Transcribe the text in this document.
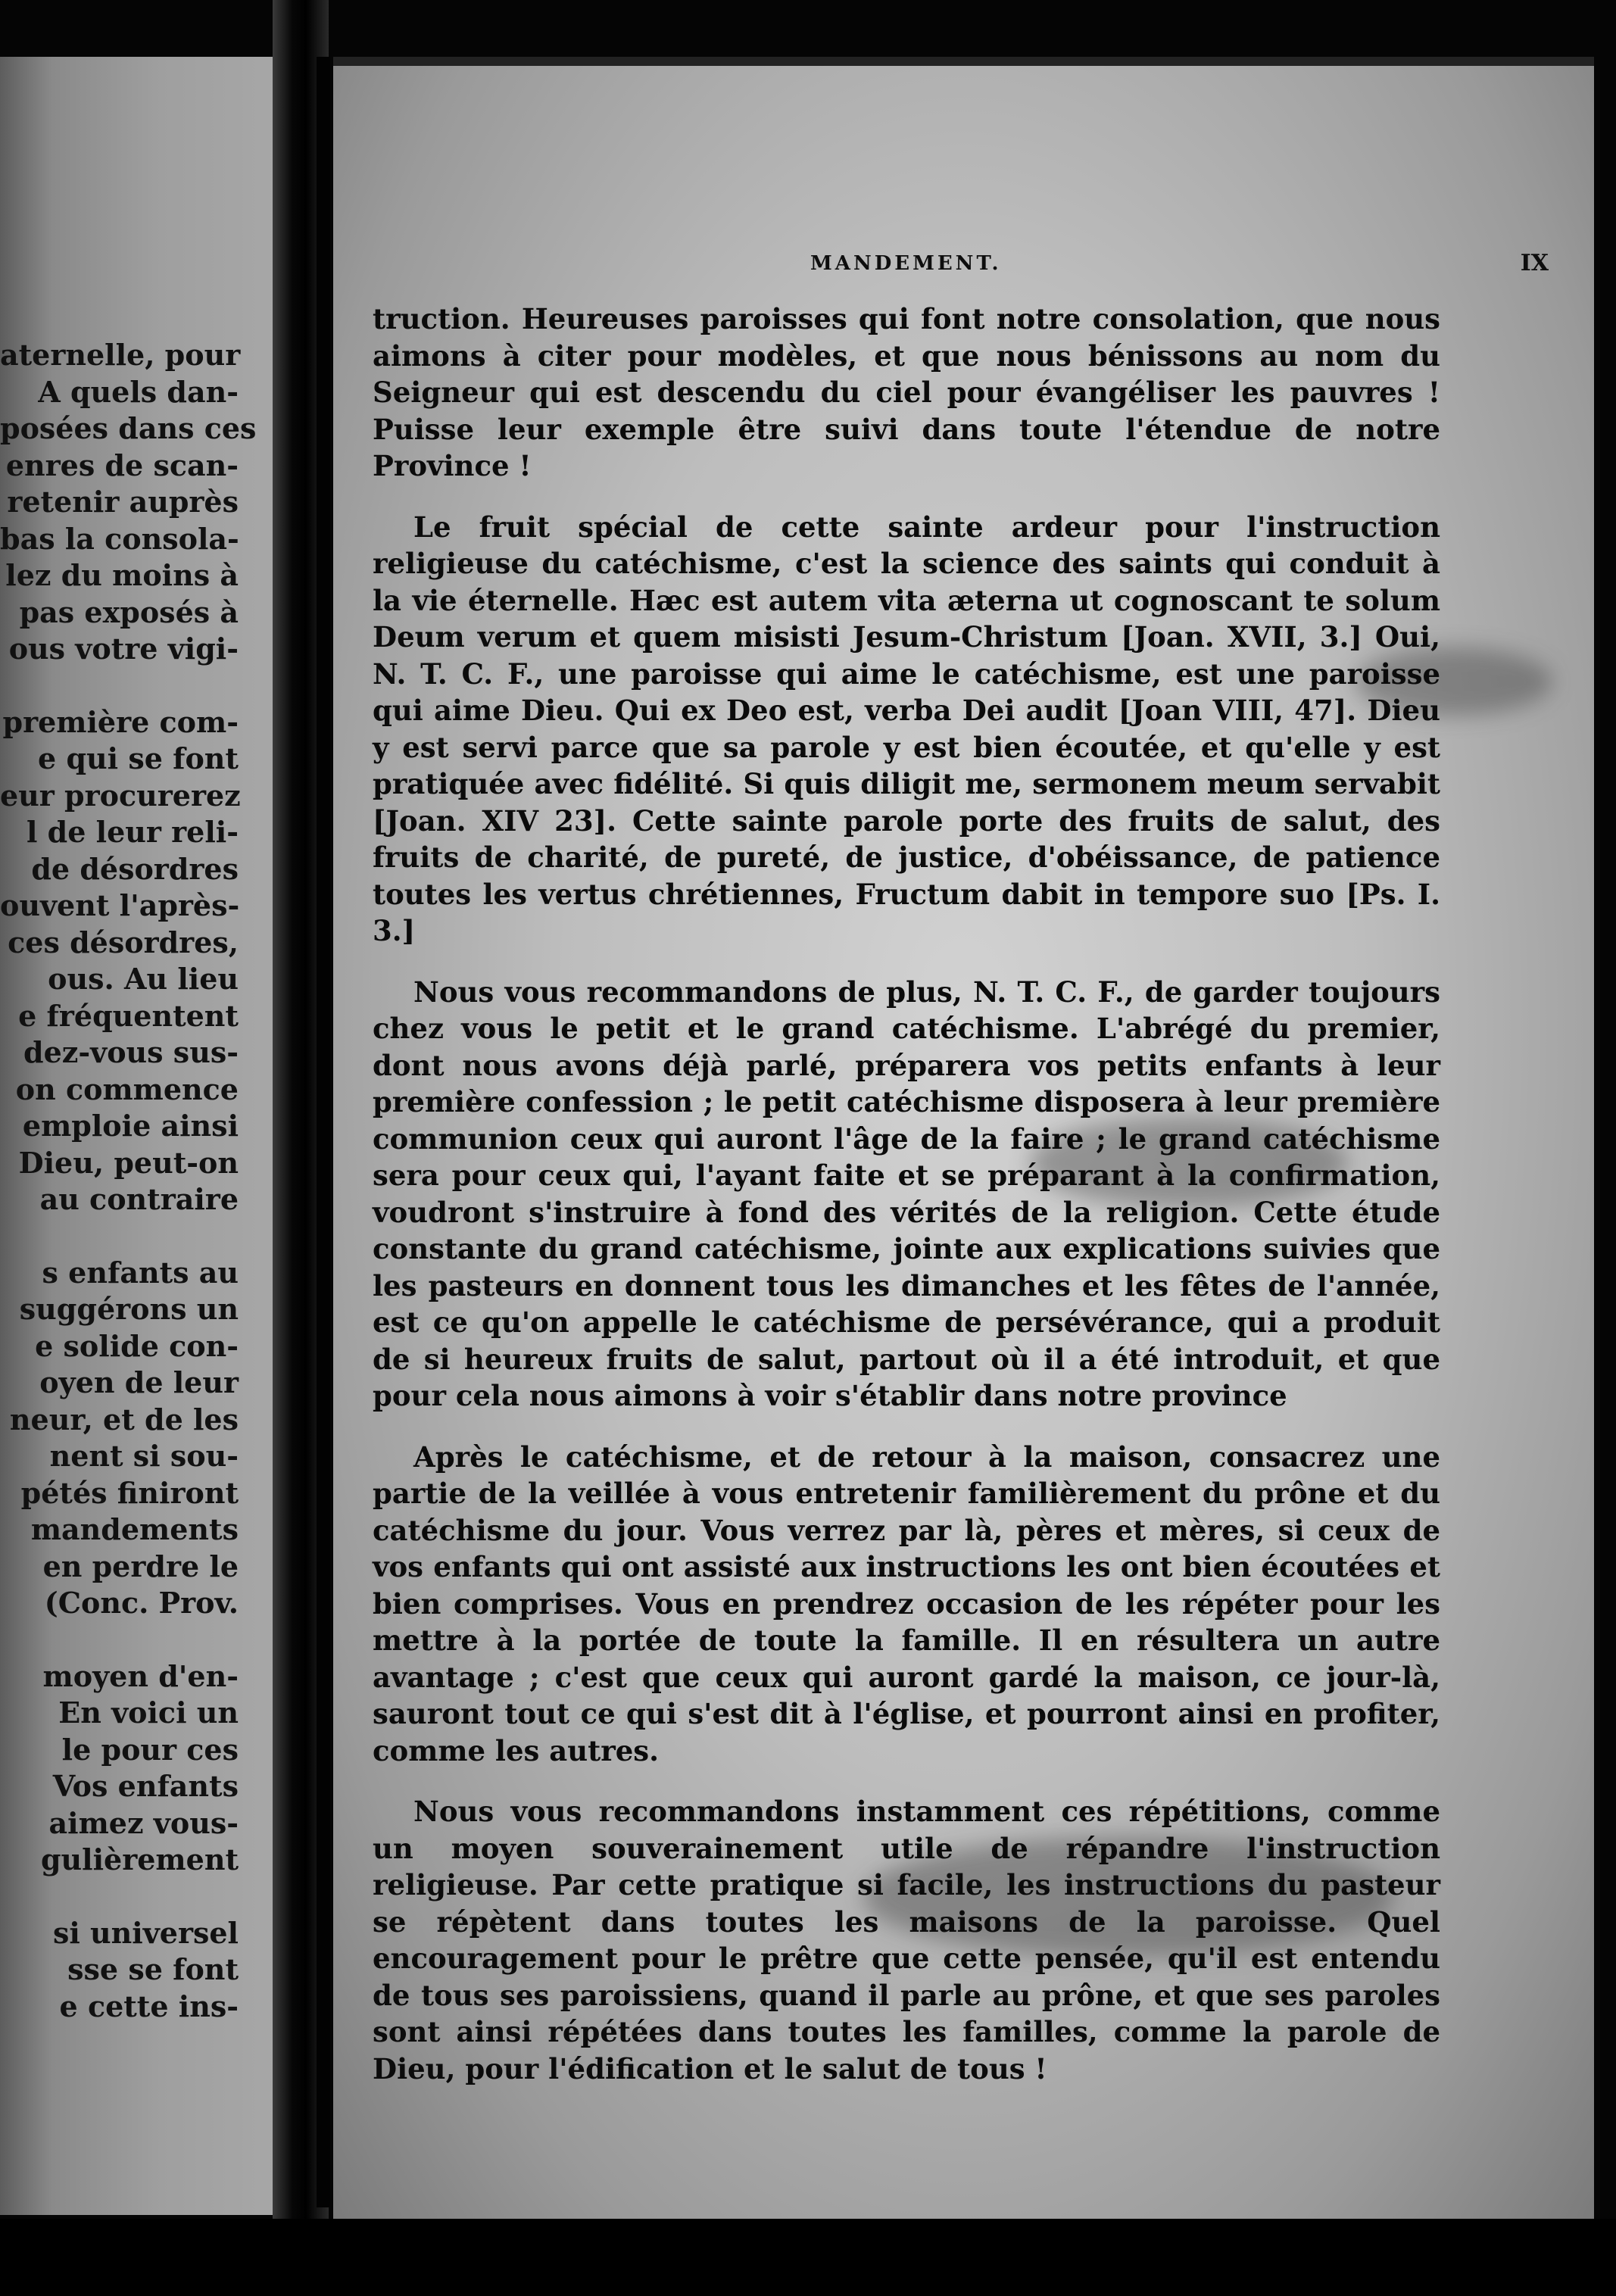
aternelle, pour
A quels dan-
posées dans ces
enres de scan-
retenir auprès
bas la consola-
lez du moins à
pas exposés à
ous votre vigi-
première com-
e qui se font
eur procurerez
l de leur reli-
de désordres
ouvent l'après-
ces désordres,
ous. Au lieu
e fréquentent
dez-vous sus-
on commence
emploie ainsi
Dieu, peut-on
au contraire
s enfants au
suggérons un
e solide con-
oyen de leur
neur, et de les
nent si sou-
pétés finiront
mandements
en perdre le
(Conc. Prov.
moyen d'en-
En voici un
le pour ces
Vos enfants
aimez vous-
gulièrement
si universel
sse se font
e cette ins-
MANDEMENT.	IX

truction. Heureuses paroisses qui font notre consolation, que nous aimons à citer pour modèles, et que nous bénissons au nom du Seigneur qui est descendu du ciel pour évangéliser les pauvres ! Puisse leur exemple être suivi dans toute l'étendue de notre Province !

Le fruit spécial de cette sainte ardeur pour l'instruction religieuse du catéchisme, c'est la science des saints qui conduit à la vie éternelle. Hæc est autem vita æterna ut cognoscant te solum Deum verum et quem misisti Jesum-Christum [Joan. XVII, 3.] Oui, N. T. C. F., une paroisse qui aime le catéchisme, est une paroisse qui aime Dieu. Qui ex Deo est, verba Dei audit [Joan VIII, 47]. Dieu y est servi parce que sa parole y est bien écoutée, et qu'elle y est pratiquée avec fidélité. Si quis diligit me, sermonem meum servabit [Joan. XIV 23]. Cette sainte parole porte des fruits de salut, des fruits de charité, de pureté, de justice, d'obéissance, de patience toutes les vertus chrétiennes, Fructum dabit in tempore suo [Ps. I. 3.]

Nous vous recommandons de plus, N. T. C. F., de garder toujours chez vous le petit et le grand catéchisme. L'abrégé du premier, dont nous avons déjà parlé, préparera vos petits enfants à leur première confession ; le petit catéchisme disposera à leur première communion ceux qui auront l'âge de la faire ; le grand catéchisme sera pour ceux qui, l'ayant faite et se préparant à la confirmation, voudront s'instruire à fond des vérités de la religion. Cette étude constante du grand catéchisme, jointe aux explications suivies que les pasteurs en donnent tous les dimanches et les fêtes de l'année, est ce qu'on appelle le catéchisme de persévérance, qui a produit de si heureux fruits de salut, partout où il a été introduit, et que pour cela nous aimons à voir s'établir dans notre province

Après le catéchisme, et de retour à la maison, consacrez une partie de la veillée à vous entretenir familièrement du prône et du catéchisme du jour. Vous verrez par là, pères et mères, si ceux de vos enfants qui ont assisté aux instructions les ont bien écoutées et bien comprises. Vous en prendrez occasion de les répéter pour les mettre à la portée de toute la famille. Il en résultera un autre avantage ; c'est que ceux qui auront gardé la maison, ce jour-là, sauront tout ce qui s'est dit à l'église, et pourront ainsi en profiter, comme les autres.

Nous vous recommandons instamment ces répétitions, comme un moyen souverainement utile de répandre l'instruction religieuse. Par cette pratique si facile, les instructions du pasteur se répètent dans toutes les maisons de la paroisse. Quel encouragement pour le prêtre que cette pensée, qu'il est entendu de tous ses paroissiens, quand il parle au prône, et que ses paroles sont ainsi répétées dans toutes les familles, comme la parole de Dieu, pour l'édification et le salut de tous !
